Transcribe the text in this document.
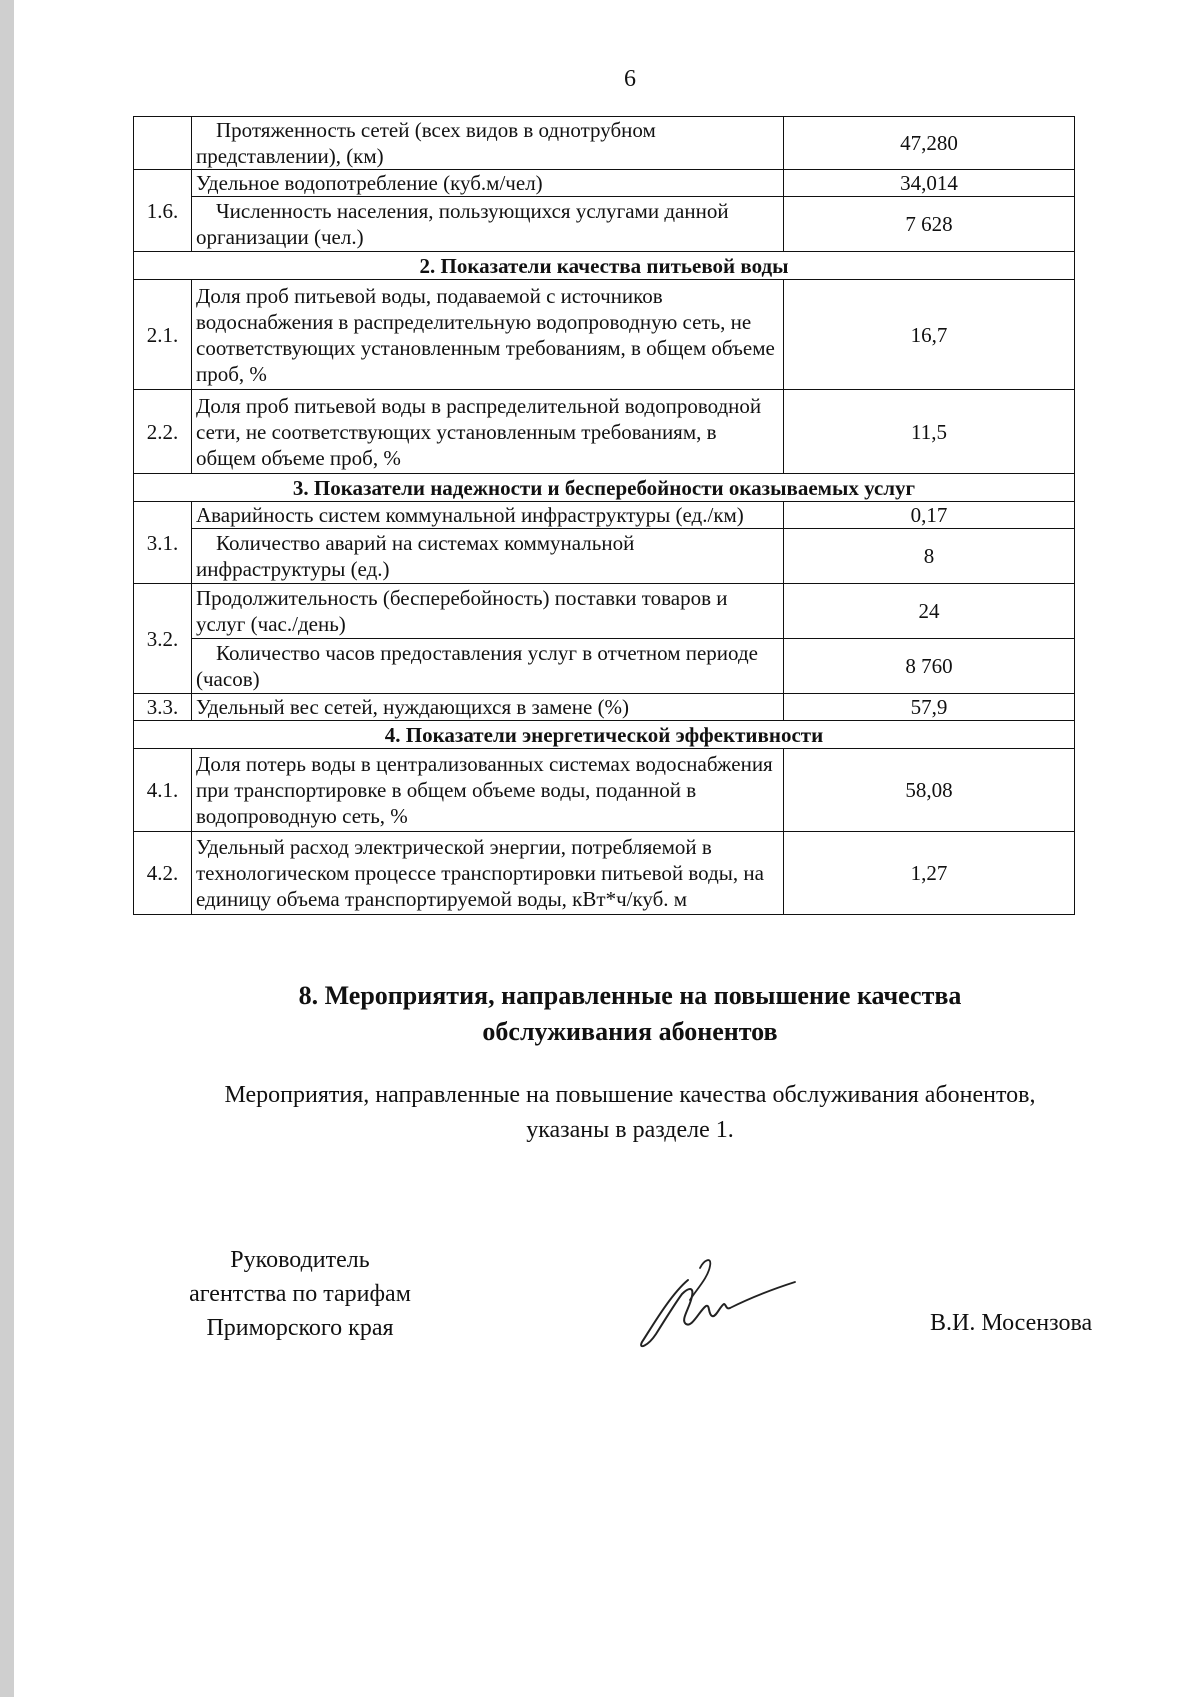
6
	Протяженность сетей (всех видов в однотрубном представлении), (км)	47,280
1.6.	Удельное водопотребление (куб.м/чел)	34,014
	Численность населения, пользующихся услугами данной организации (чел.)	7 628
2. Показатели качества питьевой воды		
2.1.	Доля проб питьевой воды, подаваемой с источников водоснабжения в распределительную водопроводную сеть, не соответствующих установленным требованиям, в общем объеме проб, %	16,7
2.2.	Доля проб питьевой воды в распределительной водопроводной сети, не соответствующих установленным требованиям, в общем объеме проб, %	11,5
3. Показатели надежности и бесперебойности оказываемых услуг		
3.1.	Аварийность систем коммунальной инфраструктуры (ед./км)	0,17
	Количество аварий на системах коммунальной инфраструктуры (ед.)	8
3.2.	Продолжительность (бесперебойность) поставки товаров и услуг (час./день)	24
	Количество часов предоставления услуг в отчетном периоде (часов)	8 760
3.3.	Удельный вес сетей, нуждающихся в замене (%)	57,9
4. Показатели энергетической эффективности		
4.1.	Доля потерь воды в централизованных системах водоснабжения при транспортировке в общем объеме воды, поданной в водопроводную сеть, %	58,08
4.2.	Удельный расход электрической энергии, потребляемой в технологическом процессе транспортировки питьевой воды, на единицу объема транспортируемой воды, кВт*ч/куб. м	1,27
8. Мероприятия, направленные на повышение качества
обслуживания абонентов
Мероприятия, направленные на повышение качества обслуживания абонентов,
указаны в разделе 1.
Руководитель
агентства по тарифам
Приморского края	В.И. Мосензова
